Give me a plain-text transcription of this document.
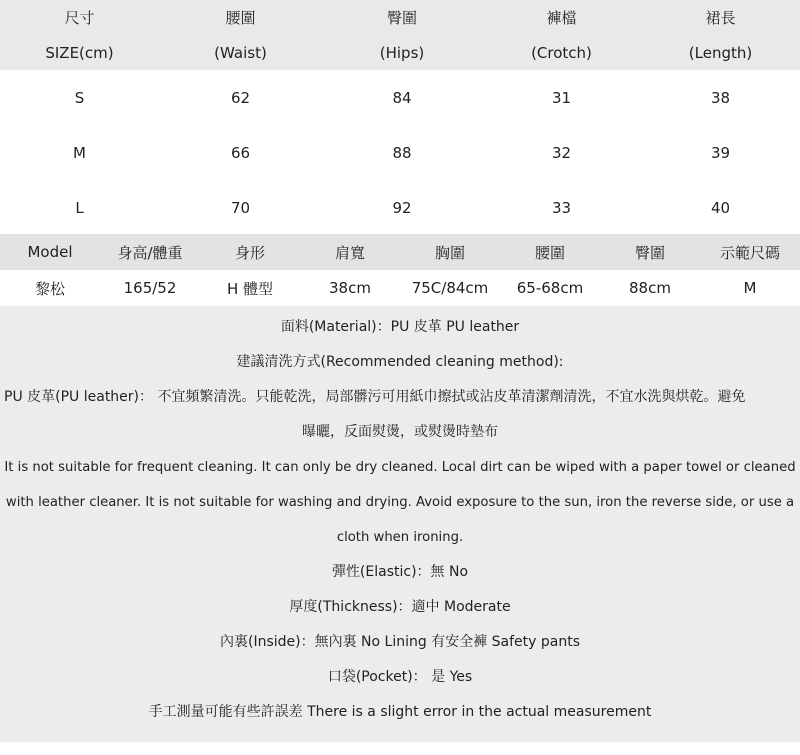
尺寸	腰圍	臀圍	褲檔	裙長
SIZE(cm)	(Waist)	(Hips)	(Crotch)	(Length)
S	62	84	31	38
M	66	88	32	39
L	70	92	33	40
Model	身高/體重	身形	肩寬	胸圍	腰圍	臀圍	示範尺碼
黎松	165/52	H 體型	38cm	75C/84cm	65-68cm	88cm	M
面料(Material)：PU 皮革 PU leather
建議清洗方式(Recommended cleaning method):
PU 皮革(PU leather)： 不宜頻繁清洗。只能乾洗，局部髒污可用紙巾擦拭或沾皮革清潔劑清洗，不宜水洗與烘乾。避免
曝曬，反面熨燙，或熨燙時墊布
It is not suitable for frequent cleaning. It can only be dry cleaned. Local dirt can be wiped with a paper towel or cleaned
with leather cleaner. It is not suitable for washing and drying. Avoid exposure to the sun, iron the reverse side, or use a
cloth when ironing.
彈性(Elastic)：無 No
厚度(Thickness)：適中 Moderate
內裏(Inside)：無內裏 No Lining 有安全褲 Safety pants
口袋(Pocket)： 是 Yes
手工測量可能有些許誤差 There is a slight error in the actual measurement
